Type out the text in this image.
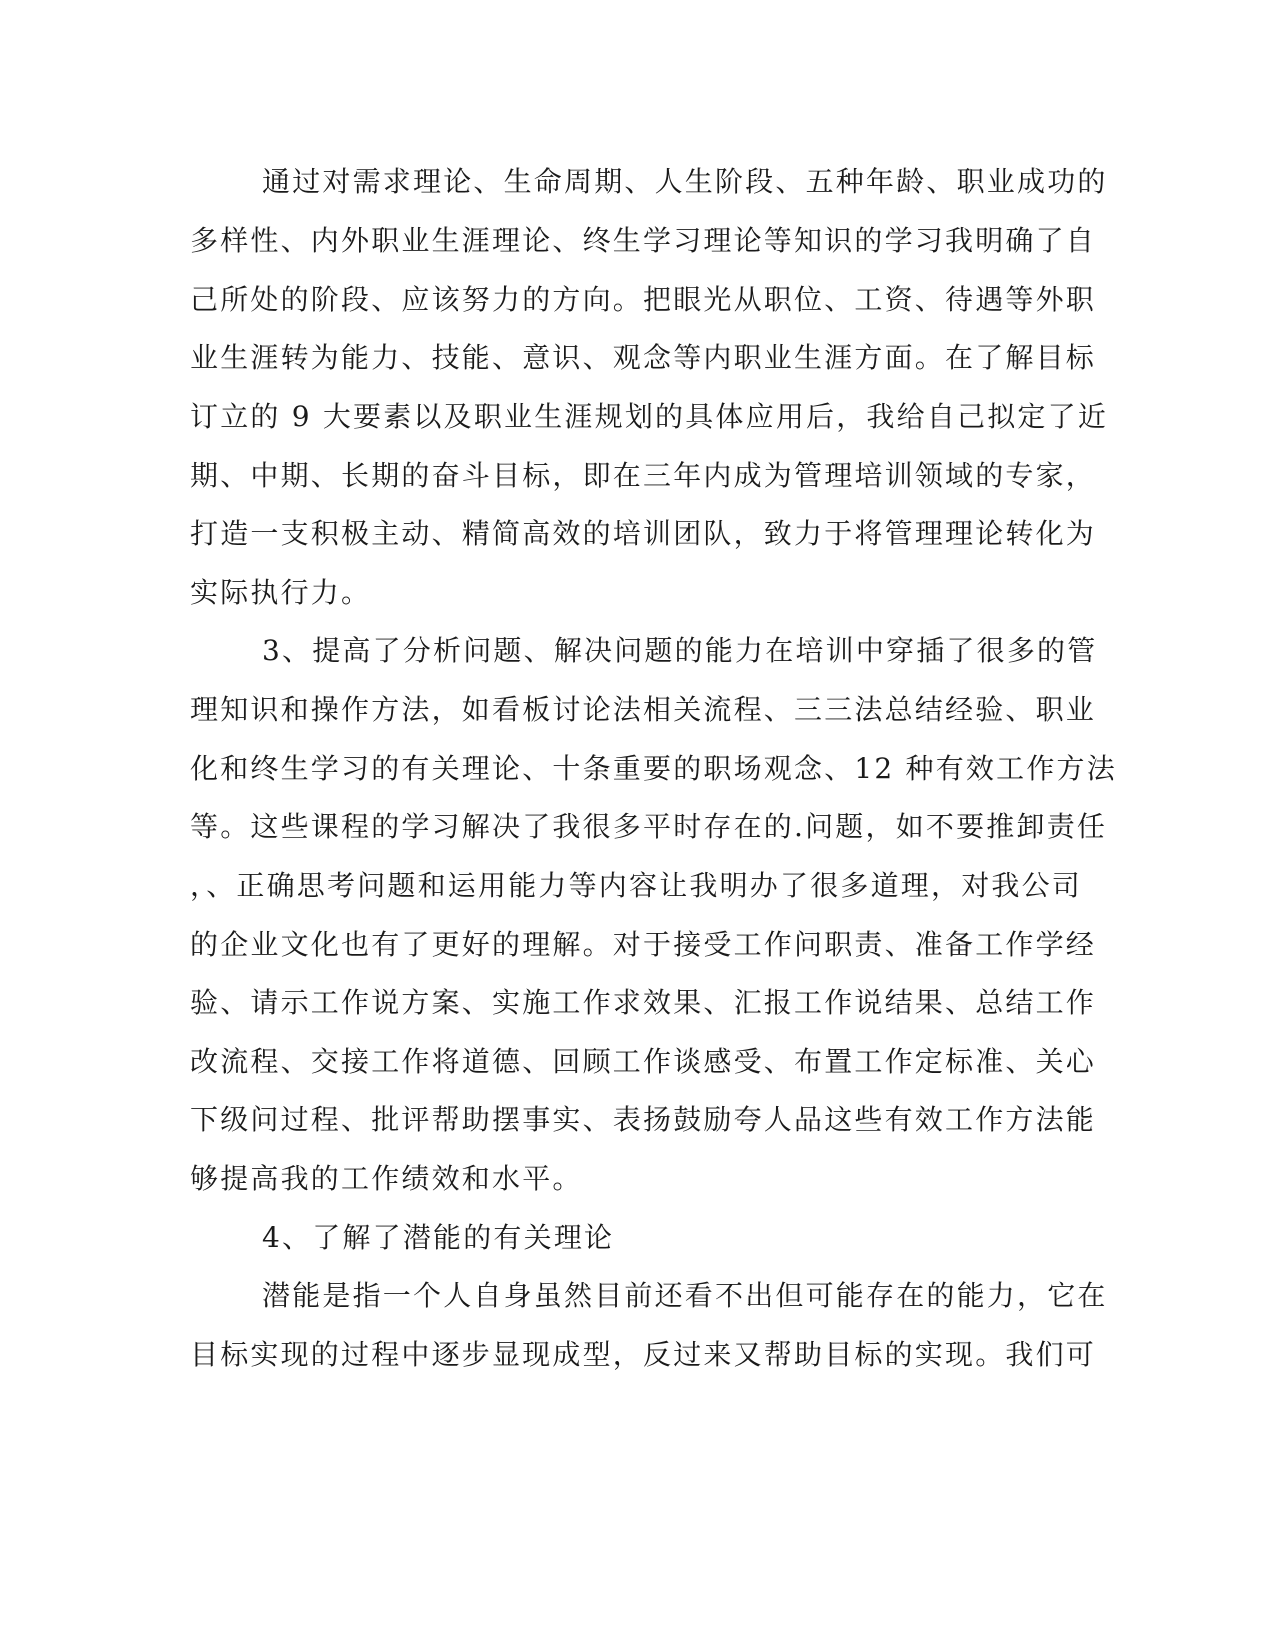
通过对需求理论、生命周期、人生阶段、五种年龄、职业成功的

多样性、内外职业生涯理论、终生学习理论等知识的学习我明确了自

己所处的阶段、应该努力的方向。把眼光从职位、工资、待遇等外职

业生涯转为能力、技能、意识、观念等内职业生涯方面。在了解目标

订立的 9 大要素以及职业生涯规划的具体应用后，我给自己拟定了近

期、中期、长期的奋斗目标，即在三年内成为管理培训领域的专家，

打造一支积极主动、精简高效的培训团队，致力于将管理理论转化为

实际执行力。

3、提高了分析问题、解决问题的能力在培训中穿插了很多的管

理知识和操作方法，如看板讨论法相关流程、三三法总结经验、职业

化和终生学习的有关理论、十条重要的职场观念、12 种有效工作方法

等。这些课程的学习解决了我很多平时存在的.问题，如不要推卸责任

，、正确思考问题和运用能力等内容让我明办了很多道理，对我公司

的企业文化也有了更好的理解。对于接受工作问职责、准备工作学经

验、请示工作说方案、实施工作求效果、汇报工作说结果、总结工作

改流程、交接工作将道德、回顾工作谈感受、布置工作定标准、关心

下级问过程、批评帮助摆事实、表扬鼓励夸人品这些有效工作方法能

够提高我的工作绩效和水平。

4、了解了潜能的有关理论

潜能是指一个人自身虽然目前还看不出但可能存在的能力，它在

目标实现的过程中逐步显现成型，反过来又帮助目标的实现。我们可
